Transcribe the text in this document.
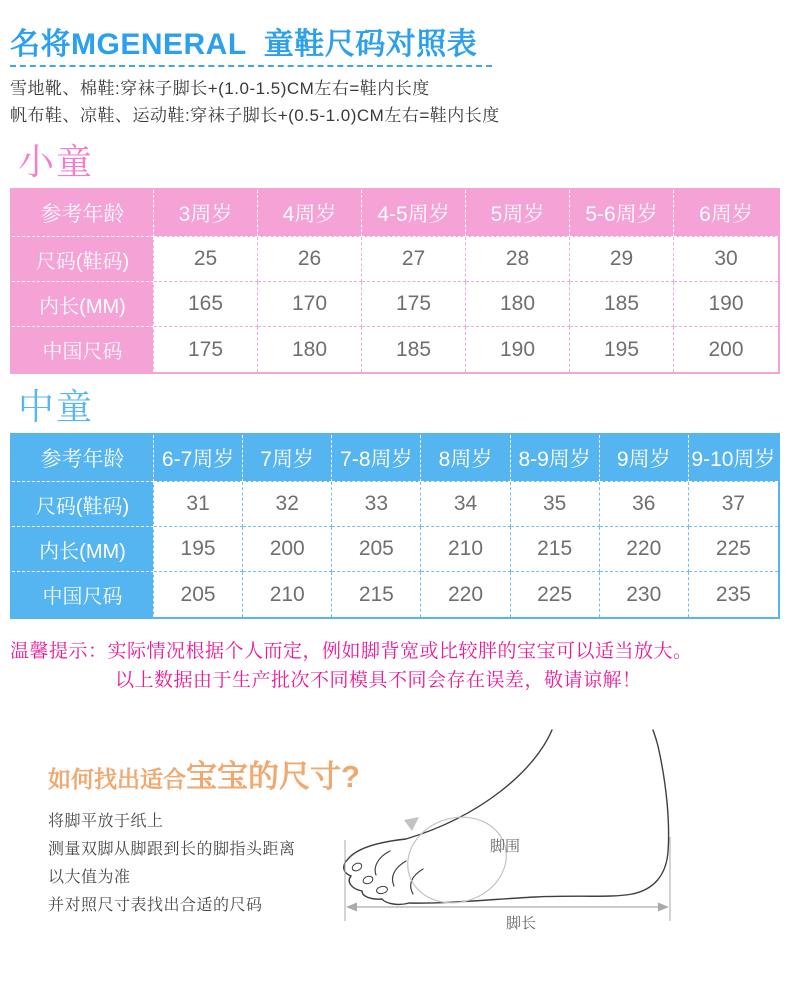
名将MGENERAL  童鞋尺码对照表
雪地靴、棉鞋:穿袜子脚长+(1.0-1.5)CM左右=鞋内长度
帆布鞋、凉鞋、运动鞋:穿袜子脚长+(0.5-1.0)CM左右=鞋内长度
小童
参考年龄	3周岁	4周岁	4-5周岁	5周岁	5-6周岁	6周岁
尺码(鞋码)	25	26	27	28	29	30
内长(MM)	165	170	175	180	185	190
中国尺码	175	180	185	190	195	200
中童
参考年龄	6-7周岁	7周岁	7-8周岁	8周岁	8-9周岁	9周岁	9-10周岁
尺码(鞋码)	31	32	33	34	35	36	37
内长(MM)	195	200	205	210	215	220	225
中国尺码	205	210	215	220	225	230	235
温馨提示：实际情况根据个人而定，例如脚背宽或比较胖的宝宝可以适当放大。
以上数据由于生产批次不同模具不同会存在误差，敬请谅解！
如何找出适合宝宝的尺寸?
将脚平放于纸上
测量双脚从脚跟到长的脚指头距离
以大值为准
并对照尺寸表找出合适的尺码
脚围
脚长
